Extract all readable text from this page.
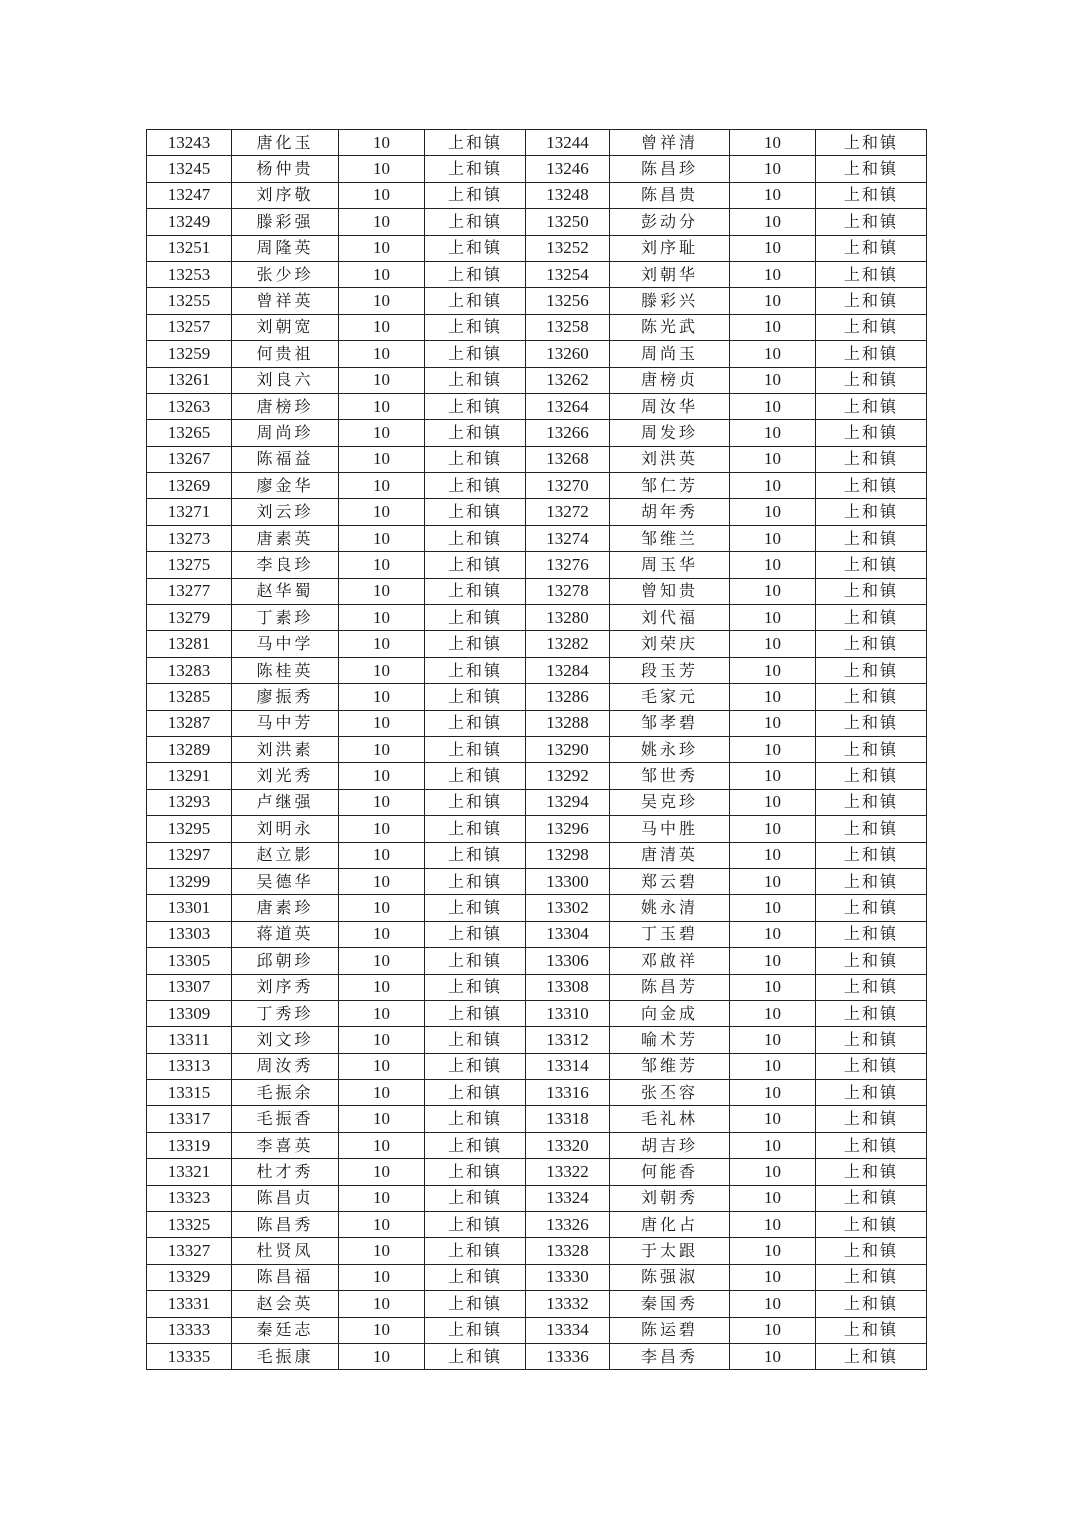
13243	唐化玉	10	上和镇	13244	曾祥清	10	上和镇
13245	杨仲贵	10	上和镇	13246	陈昌珍	10	上和镇
13247	刘序敬	10	上和镇	13248	陈昌贵	10	上和镇
13249	滕彩强	10	上和镇	13250	彭动分	10	上和镇
13251	周隆英	10	上和镇	13252	刘序耻	10	上和镇
13253	张少珍	10	上和镇	13254	刘朝华	10	上和镇
13255	曾祥英	10	上和镇	13256	滕彩兴	10	上和镇
13257	刘朝宽	10	上和镇	13258	陈光武	10	上和镇
13259	何贵祖	10	上和镇	13260	周尚玉	10	上和镇
13261	刘良六	10	上和镇	13262	唐榜贞	10	上和镇
13263	唐榜珍	10	上和镇	13264	周汝华	10	上和镇
13265	周尚珍	10	上和镇	13266	周发珍	10	上和镇
13267	陈福益	10	上和镇	13268	刘洪英	10	上和镇
13269	廖金华	10	上和镇	13270	邹仁芳	10	上和镇
13271	刘云珍	10	上和镇	13272	胡年秀	10	上和镇
13273	唐素英	10	上和镇	13274	邹维兰	10	上和镇
13275	李良珍	10	上和镇	13276	周玉华	10	上和镇
13277	赵华蜀	10	上和镇	13278	曾知贵	10	上和镇
13279	丁素珍	10	上和镇	13280	刘代福	10	上和镇
13281	马中学	10	上和镇	13282	刘荣庆	10	上和镇
13283	陈桂英	10	上和镇	13284	段玉芳	10	上和镇
13285	廖振秀	10	上和镇	13286	毛家元	10	上和镇
13287	马中芳	10	上和镇	13288	邹孝碧	10	上和镇
13289	刘洪素	10	上和镇	13290	姚永珍	10	上和镇
13291	刘光秀	10	上和镇	13292	邹世秀	10	上和镇
13293	卢继强	10	上和镇	13294	吴克珍	10	上和镇
13295	刘明永	10	上和镇	13296	马中胜	10	上和镇
13297	赵立影	10	上和镇	13298	唐清英	10	上和镇
13299	吴德华	10	上和镇	13300	郑云碧	10	上和镇
13301	唐素珍	10	上和镇	13302	姚永清	10	上和镇
13303	蒋道英	10	上和镇	13304	丁玉碧	10	上和镇
13305	邱朝珍	10	上和镇	13306	邓啟祥	10	上和镇
13307	刘序秀	10	上和镇	13308	陈昌芳	10	上和镇
13309	丁秀珍	10	上和镇	13310	向金成	10	上和镇
13311	刘文珍	10	上和镇	13312	喻术芳	10	上和镇
13313	周汝秀	10	上和镇	13314	邹维芳	10	上和镇
13315	毛振余	10	上和镇	13316	张丕容	10	上和镇
13317	毛振香	10	上和镇	13318	毛礼林	10	上和镇
13319	李喜英	10	上和镇	13320	胡吉珍	10	上和镇
13321	杜才秀	10	上和镇	13322	何能香	10	上和镇
13323	陈昌贞	10	上和镇	13324	刘朝秀	10	上和镇
13325	陈昌秀	10	上和镇	13326	唐化占	10	上和镇
13327	杜贤凤	10	上和镇	13328	于太跟	10	上和镇
13329	陈昌福	10	上和镇	13330	陈强淑	10	上和镇
13331	赵会英	10	上和镇	13332	秦国秀	10	上和镇
13333	秦廷志	10	上和镇	13334	陈运碧	10	上和镇
13335	毛振康	10	上和镇	13336	李昌秀	10	上和镇
